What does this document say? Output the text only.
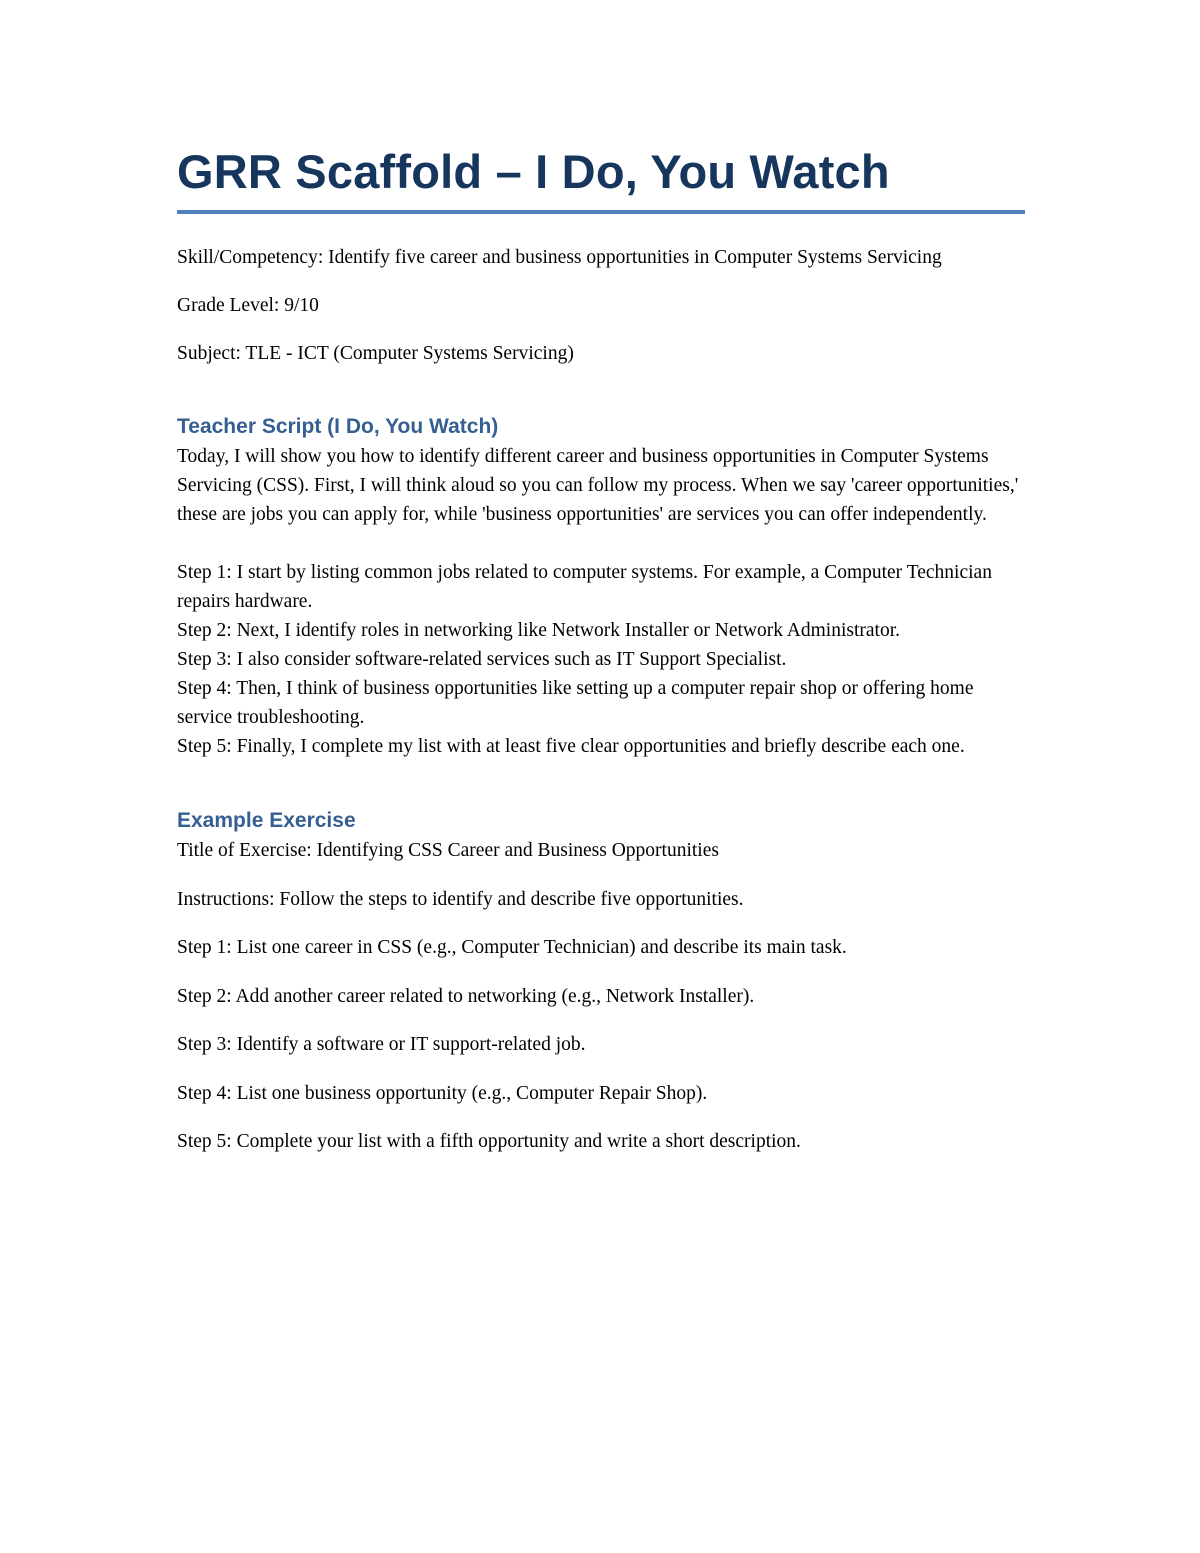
GRR Scaffold – I Do, You Watch

Skill/Competency: Identify five career and business opportunities in Computer Systems Servicing

Grade Level: 9/10

Subject: TLE - ICT (Computer Systems Servicing)

Teacher Script (I Do, You Watch)

Today, I will show you how to identify different career and business opportunities in Computer Systems Servicing (CSS). First, I will think aloud so you can follow my process. When we say 'career opportunities,' these are jobs you can apply for, while 'business opportunities' are services you can offer independently.

Step 1: I start by listing common jobs related to computer systems. For example, a Computer Technician repairs hardware.

Step 2: Next, I identify roles in networking like Network Installer or Network Administrator.

Step 3: I also consider software-related services such as IT Support Specialist.

Step 4: Then, I think of business opportunities like setting up a computer repair shop or offering home service troubleshooting.

Step 5: Finally, I complete my list with at least five clear opportunities and briefly describe each one.

Example Exercise

Title of Exercise: Identifying CSS Career and Business Opportunities

Instructions: Follow the steps to identify and describe five opportunities.

Step 1: List one career in CSS (e.g., Computer Technician) and describe its main task.

Step 2: Add another career related to networking (e.g., Network Installer).

Step 3: Identify a software or IT support-related job.

Step 4: List one business opportunity (e.g., Computer Repair Shop).

Step 5: Complete your list with a fifth opportunity and write a short description.
